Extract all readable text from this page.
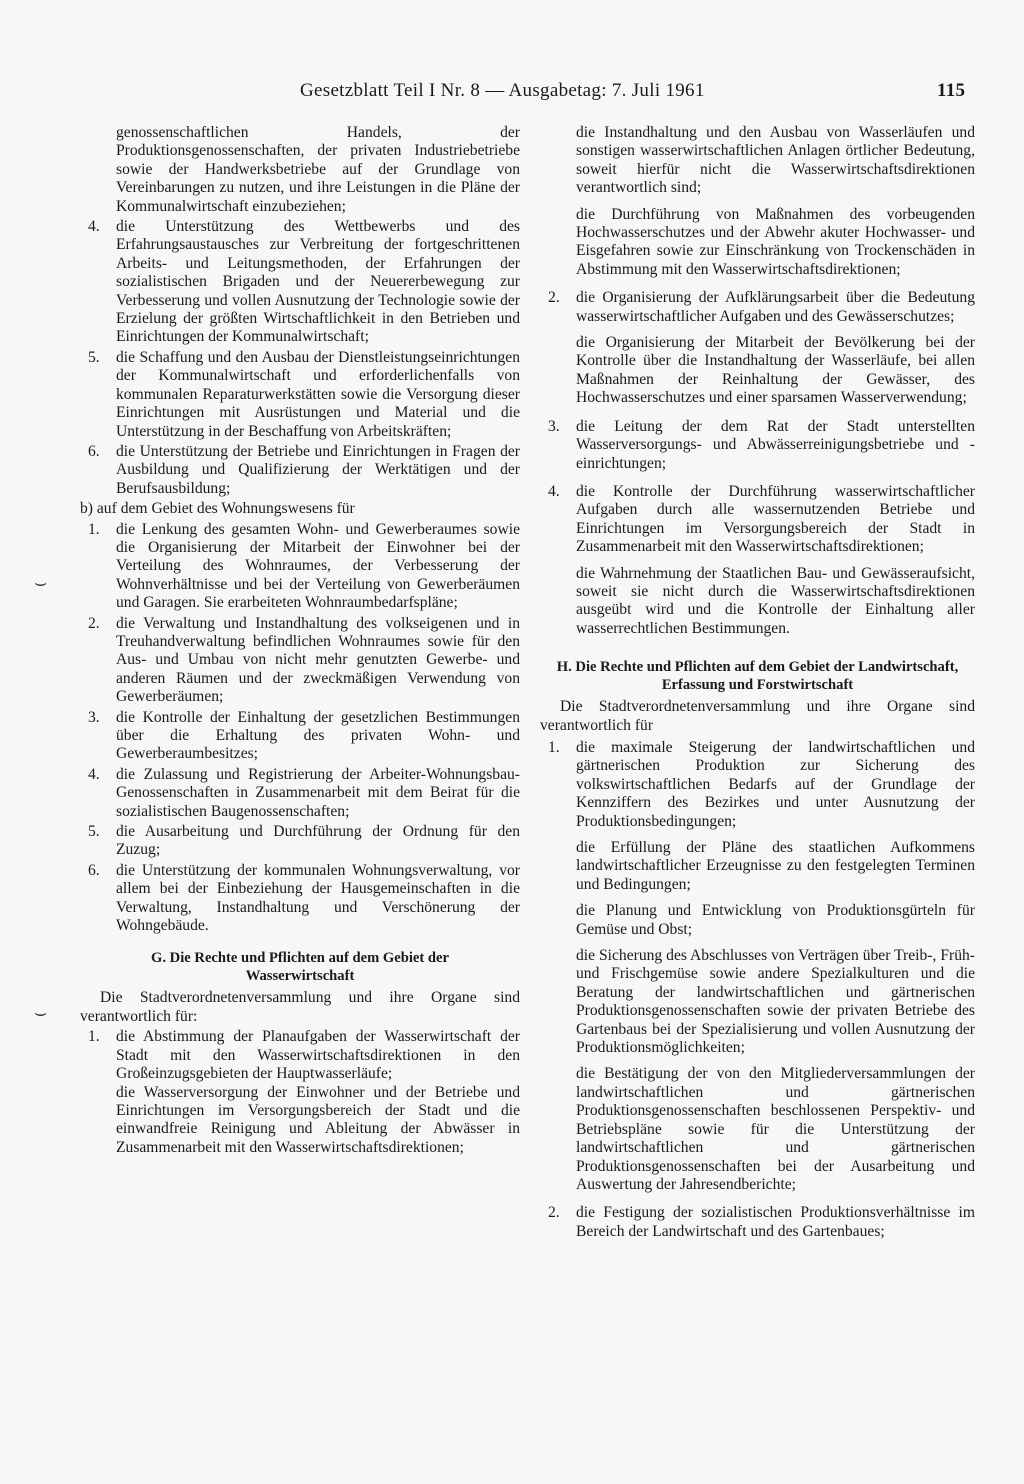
Gesetzblatt Teil I Nr. 8 — Ausgabetag: 7. Juli 1961	115
⌣
⌣

genossenschaftlichen Handels, der Produktionsgenossenschaften, der privaten Industriebetriebe sowie der Handwerksbetriebe auf der Grundlage von Vereinbarungen zu nutzen, und ihre Leistungen in die Pläne der Kommunalwirtschaft einzubeziehen;

4. die Unterstützung des Wettbewerbs und des Erfahrungsaustausches zur Verbreitung der fortgeschrittenen Arbeits- und Leitungsmethoden, der Erfahrungen der sozialistischen Brigaden und der Neuererbewegung zur Verbesserung und vollen Ausnutzung der Technologie sowie der Erzielung der größten Wirtschaftlichkeit in den Betrieben und Einrichtungen der Kommunalwirtschaft;

5. die Schaffung und den Ausbau der Dienstleistungseinrichtungen der Kommunalwirtschaft und erforderlichenfalls von kommunalen Reparaturwerkstätten sowie die Versorgung dieser Einrichtungen mit Ausrüstungen und Material und die Unterstützung in der Beschaffung von Arbeitskräften;

6. die Unterstützung der Betriebe und Einrichtungen in Fragen der Ausbildung und Qualifizierung der Werktätigen und der Berufsausbildung;

b) auf dem Gebiet des Wohnungswesens für

1. die Lenkung des gesamten Wohn- und Gewerberaumes sowie die Organisierung der Mitarbeit der Einwohner bei der Verteilung des Wohnraumes, der Verbesserung der Wohnverhältnisse und bei der Verteilung von Gewerberäumen und Garagen. Sie erarbeiteten Wohnraumbedarfspläne;

2. die Verwaltung und Instandhaltung des volkseigenen und in Treuhandverwaltung befindlichen Wohnraumes sowie für den Aus- und Umbau von nicht mehr genutzten Gewerbe- und anderen Räumen und der zweckmäßigen Verwendung von Gewerberäumen;

3. die Kontrolle der Einhaltung der gesetzlichen Bestimmungen über die Erhaltung des privaten Wohn- und Gewerberaumbesitzes;

4. die Zulassung und Registrierung der Arbeiter-Wohnungsbau-Genossenschaften in Zusammenarbeit mit dem Beirat für die sozialistischen Baugenossenschaften;

5. die Ausarbeitung und Durchführung der Ordnung für den Zuzug;

6. die Unterstützung der kommunalen Wohnungsverwaltung, vor allem bei der Einbeziehung der Hausgemeinschaften in die Verwaltung, Instandhaltung und Verschönerung der Wohngebäude.

G. Die Rechte und Pflichten auf dem Gebiet der
Wasserwirtschaft

Die Stadtverordnetenversammlung und ihre Organe sind verantwortlich für:

1. die Abstimmung der Planaufgaben der Wasserwirtschaft der Stadt mit den Wasserwirtschaftsdirektionen in den Großeinzugsgebieten der Hauptwasserläufe;

die Wasserversorgung der Einwohner und der Betriebe und Einrichtungen im Versorgungsbereich der Stadt und die einwandfreie Reinigung und Ableitung der Abwässer in Zusammenarbeit mit den Wasserwirtschaftsdirektionen;

die Instandhaltung und den Ausbau von Wasserläufen und sonstigen wasserwirtschaftlichen Anlagen örtlicher Bedeutung, soweit hierfür nicht die Wasserwirtschaftsdirektionen verantwortlich sind;

die Durchführung von Maßnahmen des vorbeugenden Hochwasserschutzes und der Abwehr akuter Hochwasser- und Eisgefahren sowie zur Einschränkung von Trockenschäden in Abstimmung mit den Wasserwirtschaftsdirektionen;

2. die Organisierung der Aufklärungsarbeit über die Bedeutung wasserwirtschaftlicher Aufgaben und des Gewässerschutzes;

die Organisierung der Mitarbeit der Bevölkerung bei der Kontrolle über die Instandhaltung der Wasserläufe, bei allen Maßnahmen der Reinhaltung der Gewässer, des Hochwasserschutzes und einer sparsamen Wasserverwendung;

3. die Leitung der dem Rat der Stadt unterstellten Wasserversorgungs- und Abwässerreinigungsbetriebe und -einrichtungen;

4. die Kontrolle der Durchführung wasserwirtschaftlicher Aufgaben durch alle wassernutzenden Betriebe und Einrichtungen im Versorgungsbereich der Stadt in Zusammenarbeit mit den Wasserwirtschaftsdirektionen;

die Wahrnehmung der Staatlichen Bau- und Gewässeraufsicht, soweit sie nicht durch die Wasserwirtschaftsdirektionen ausgeübt wird und die Kontrolle der Einhaltung aller wasserrechtlichen Bestimmungen.

H. Die Rechte und Pflichten auf dem Gebiet der Landwirtschaft, Erfassung und Forstwirtschaft

Die Stadtverordnetenversammlung und ihre Organe sind verantwortlich für

1. die maximale Steigerung der landwirtschaftlichen und gärtnerischen Produktion zur Sicherung des volkswirtschaftlichen Bedarfs auf der Grundlage der Kennziffern des Bezirkes und unter Ausnutzung der Produktionsbedingungen;

die Erfüllung der Pläne des staatlichen Aufkommens landwirtschaftlicher Erzeugnisse zu den festgelegten Terminen und Bedingungen;

die Planung und Entwicklung von Produktionsgürteln für Gemüse und Obst;

die Sicherung des Abschlusses von Verträgen über Treib-, Früh- und Frischgemüse sowie andere Spezialkulturen und die Beratung der landwirtschaftlichen und gärtnerischen Produktionsgenossenschaften sowie der privaten Betriebe des Gartenbaus bei der Spezialisierung und vollen Ausnutzung der Produktionsmöglichkeiten;

die Bestätigung der von den Mitgliederversammlungen der landwirtschaftlichen und gärtnerischen Produktionsgenossenschaften beschlossenen Perspektiv- und Betriebspläne sowie für die Unterstützung der landwirtschaftlichen und gärtnerischen Produktionsgenossenschaften bei der Ausarbeitung und Auswertung der Jahresendberichte;

2. die Festigung der sozialistischen Produktionsverhältnisse im Bereich der Landwirtschaft und des Gartenbaues;
